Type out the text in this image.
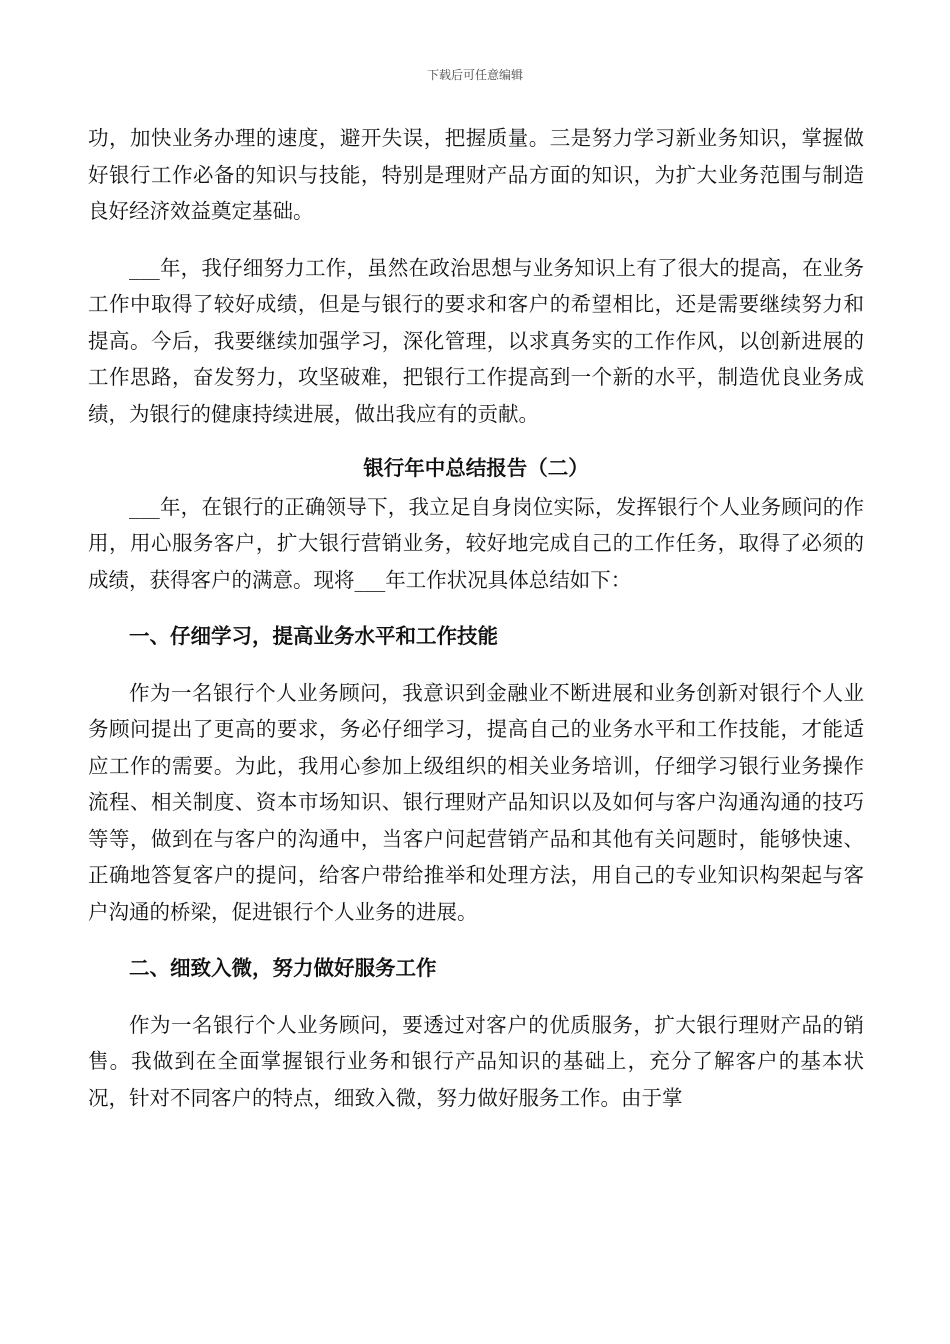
下载后可任意编辑

功，加快业务办理的速度，避开失误，把握质量。三是努力学习新业务知识，掌握做好银行工作必备的知识与技能，特别是理财产品方面的知识，为扩大业务范围与制造良好经济效益奠定基础。

___年，我仔细努力工作，虽然在政治思想与业务知识上有了很大的提高，在业务工作中取得了较好成绩，但是与银行的要求和客户的希望相比，还是需要继续努力和提高。今后，我要继续加强学习，深化管理，以求真务实的工作作风，以创新进展的工作思路，奋发努力，攻坚破难，把银行工作提高到一个新的水平，制造优良业务成绩，为银行的健康持续进展，做出我应有的贡献。

银行年中总结报告（二）

___年，在银行的正确领导下，我立足自身岗位实际，发挥银行个人业务顾问的作用，用心服务客户，扩大银行营销业务，较好地完成自己的工作任务，取得了必须的成绩，获得客户的满意。现将___年工作状况具体总结如下：

一、仔细学习，提高业务水平和工作技能

作为一名银行个人业务顾问，我意识到金融业不断进展和业务创新对银行个人业务顾问提出了更高的要求，务必仔细学习，提高自己的业务水平和工作技能，才能适应工作的需要。为此，我用心参加上级组织的相关业务培训，仔细学习银行业务操作流程、相关制度、资本市场知识、银行理财产品知识以及如何与客户沟通沟通的技巧等等，做到在与客户的沟通中，当客户问起营销产品和其他有关问题时，能够快速、正确地答复客户的提问，给客户带给推举和处理方法，用自己的专业知识构架起与客户沟通的桥梁，促进银行个人业务的进展。

二、细致入微，努力做好服务工作

作为一名银行个人业务顾问，要透过对客户的优质服务，扩大银行理财产品的销售。我做到在全面掌握银行业务和银行产品知识的基础上，充分了解客户的基本状况，针对不同客户的特点，细致入微，努力做好服务工作。由于掌
